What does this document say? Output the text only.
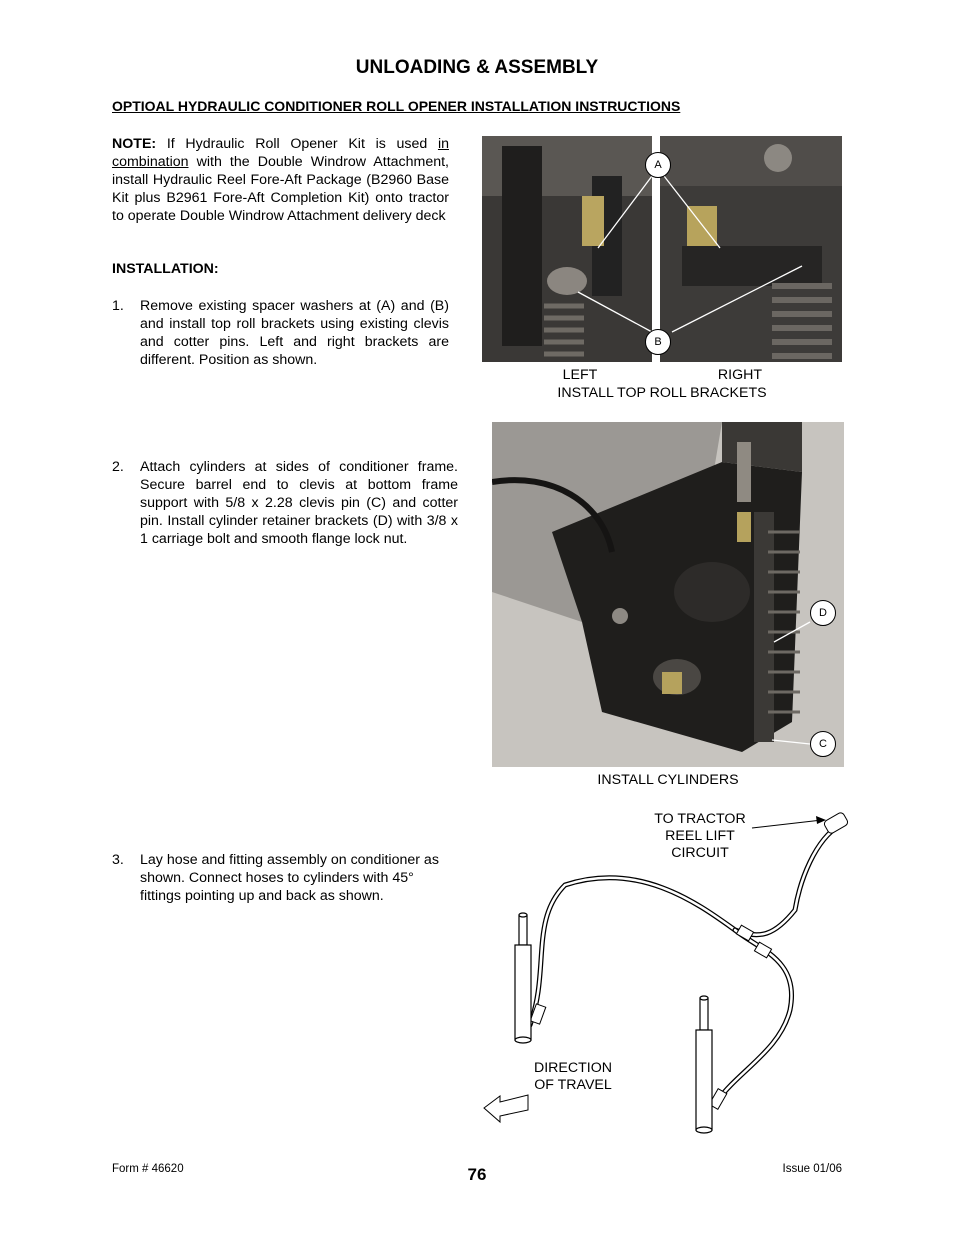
UNLOADING & ASSEMBLY
OPTIOAL HYDRAULIC CONDITIONER ROLL OPENER INSTALLATION INSTRUCTIONS
NOTE: If Hydraulic Roll Opener Kit is used in combination with the Double Windrow Attachment, install Hydraulic Reel Fore-Aft Package (B2960 Base Kit plus B2961 Fore-Aft Completion Kit) onto tractor to operate Double Windrow Attachment delivery deck
INSTALLATION:
1. Remove existing spacer washers at (A) and (B) and install top roll brackets using existing clevis and cotter pins. Left and right brackets are different. Position as shown.
2. Attach cylinders at sides of conditioner frame. Secure barrel end to clevis at bottom frame support with 5/8 x 2.28 clevis pin (C) and cotter pin. Install cylinder retainer brackets (D) with 3/8 x 1 carriage bolt and smooth flange lock nut.
3. Lay hose and fitting assembly on conditioner as shown. Connect hoses to cylinders with 45° fittings pointing up and back as shown.
A
B
LEFT	RIGHT
INSTALL TOP ROLL BRACKETS
D
C
INSTALL CYLINDERS
TO TRACTOR
REEL LIFT
CIRCUIT
DIRECTION
OF TRAVEL
Form # 46620	76	Issue 01/06
